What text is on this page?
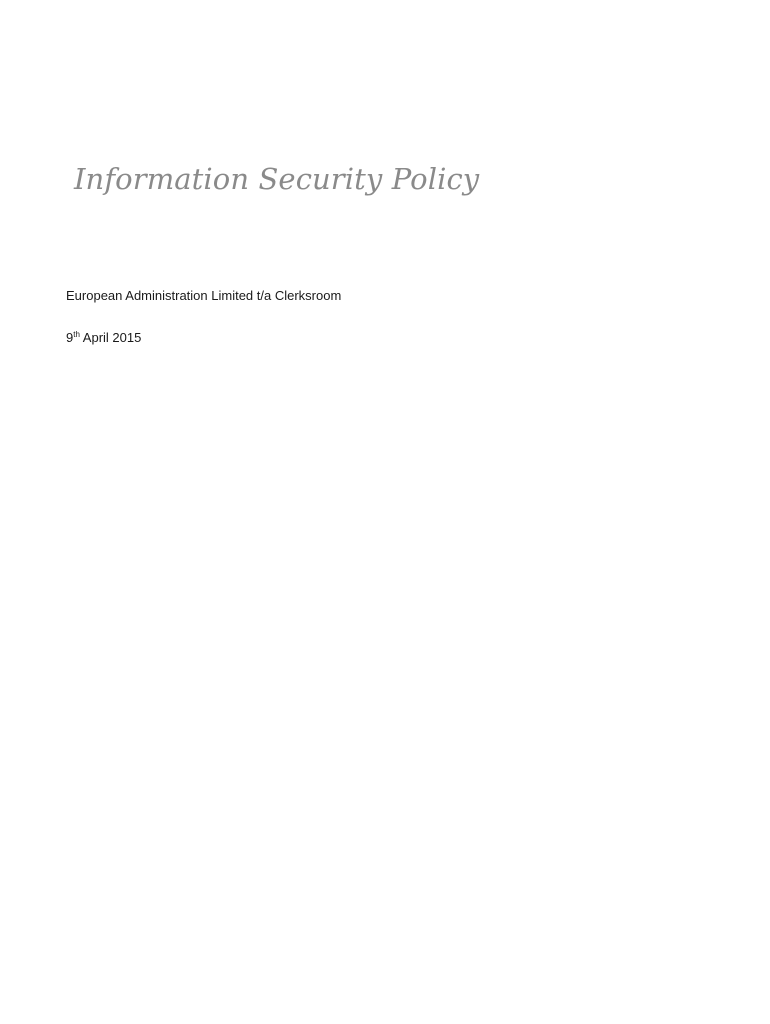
Information Security Policy

European Administration Limited t/a Clerksroom

9th April 2015
